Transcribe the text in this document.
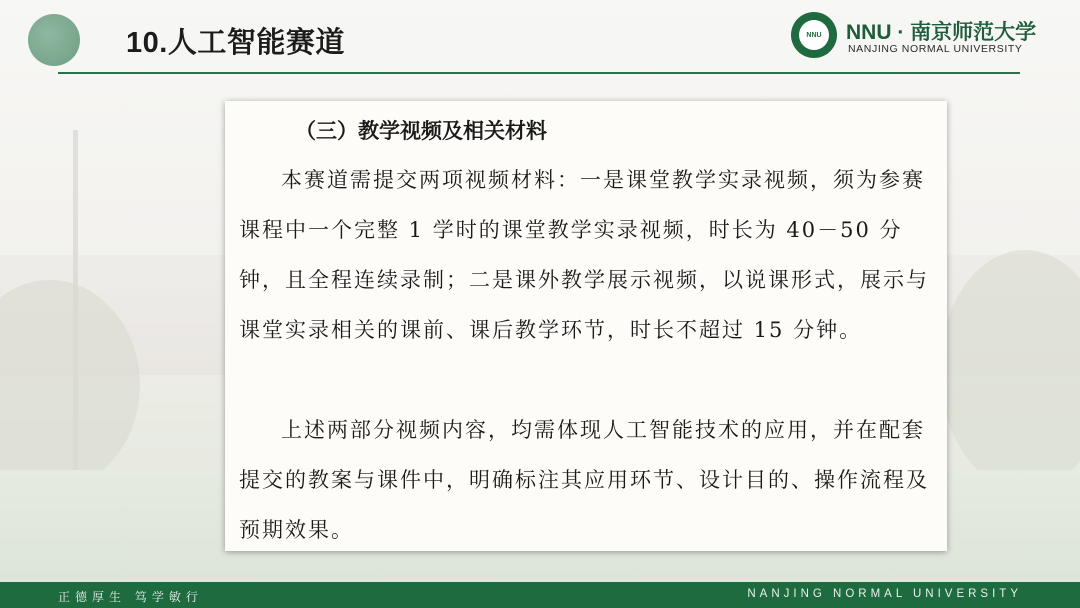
10.人工智能赛道	NNU	NNU · 南京师范大学
NANJING NORMAL UNIVERSITY
（三）教学视频及相关材料

本赛道需提交两项视频材料：一是课堂教学实录视频，须为参赛课程中一个完整 1 学时的课堂教学实录视频，时长为 40－50 分钟，且全程连续录制；二是课外教学展示视频，以说课形式，展示与课堂实录相关的课前、课后教学环节，时长不超过 15 分钟。

上述两部分视频内容，均需体现人工智能技术的应用，并在配套提交的教案与课件中，明确标注其应用环节、设计目的、操作流程及预期效果。

正德厚生 笃学敏行	NANJING NORMAL UNIVERSITY
